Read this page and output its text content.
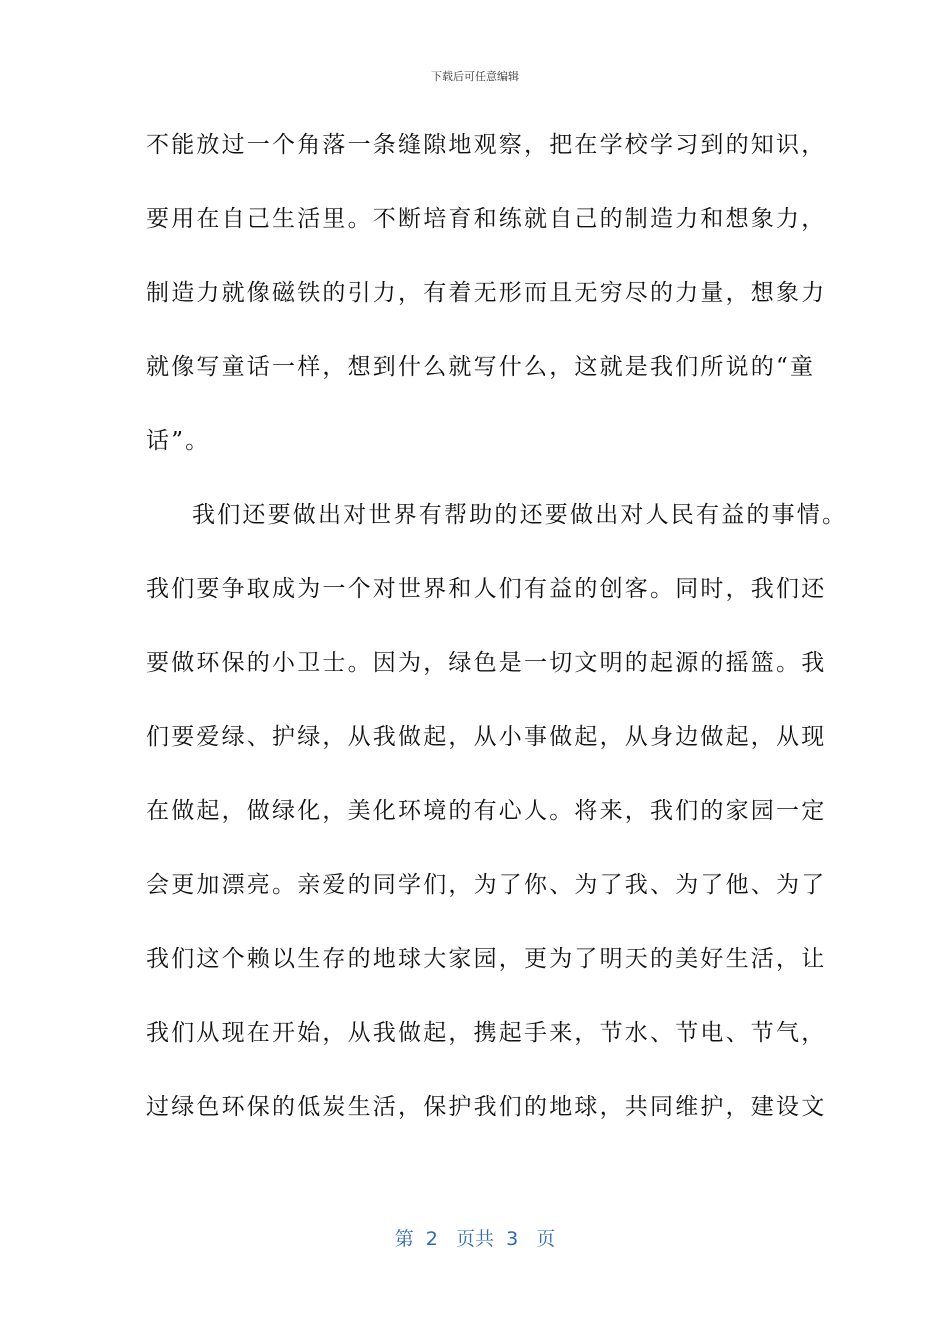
下载后可任意编辑
不能放过一个角落一条缝隙地观察，把在学校学习到的知识，
要用在自己生活里。不断培育和练就自己的制造力和想象力，
制造力就像磁铁的引力，有着无形而且无穷尽的力量，想象力
就像写童话一样，想到什么就写什么，这就是我们所说的“童
话”。
我们还要做出对世界有帮助的还要做出对人民有益的事情。
我们要争取成为一个对世界和人们有益的创客。同时，我们还
要做环保的小卫士。因为，绿色是一切文明的起源的摇篮。我
们要爱绿、护绿，从我做起，从小事做起，从身边做起，从现
在做起，做绿化，美化环境的有心人。将来，我们的家园一定
会更加漂亮。亲爱的同学们，为了你、为了我、为了他、为了
我们这个赖以生存的地球大家园，更为了明天的美好生活，让
我们从现在开始，从我做起，携起手来，节水、节电、节气，
过绿色环保的低炭生活，保护我们的地球，共同维护，建设文
第  2   页共  3   页
